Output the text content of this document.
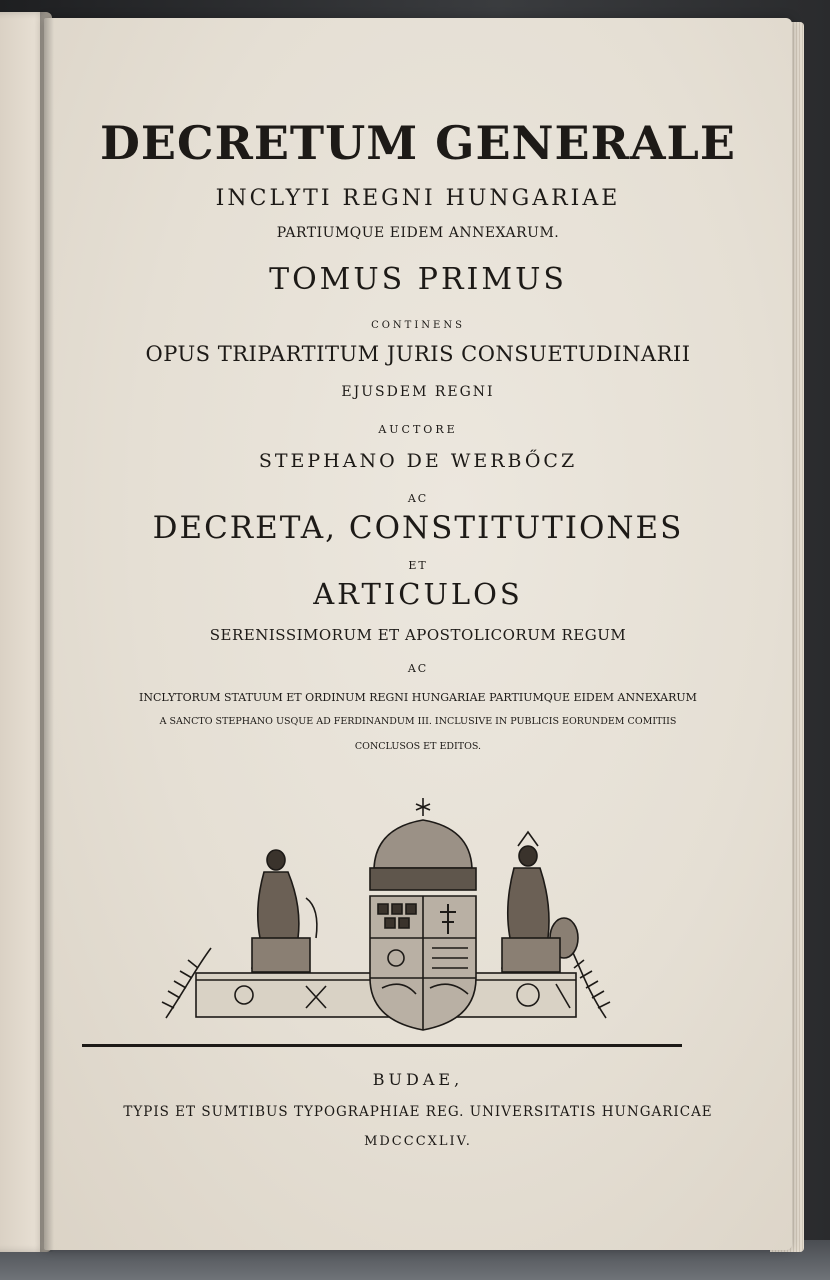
DECRETUM GENERALE
INCLYTI REGNI HUNGARIAE
PARTIUMQUE EIDEM ANNEXARUM.
TOMUS PRIMUS
CONTINENS
OPUS TRIPARTITUM JURIS CONSUETUDINARII
EJUSDEM REGNI
AUCTORE
STEPHANO DE WERBŐCZ
AC
DECRETA, CONSTITUTIONES
ET
ARTICULOS
SERENISSIMORUM ET APOSTOLICORUM REGUM
AC
INCLYTORUM STATUUM ET ORDINUM REGNI HUNGARIAE PARTIUMQUE EIDEM ANNEXARUM
A SANCTO STEPHANO USQUE AD FERDINANDUM III. INCLUSIVE IN PUBLICIS EORUNDEM COMITIIS
CONCLUSOS ET EDITOS.
BUDAE,
TYPIS ET SUMTIBUS TYPOGRAPHIAE REG. UNIVERSITATIS HUNGARICAE
MDCCCXLIV.
